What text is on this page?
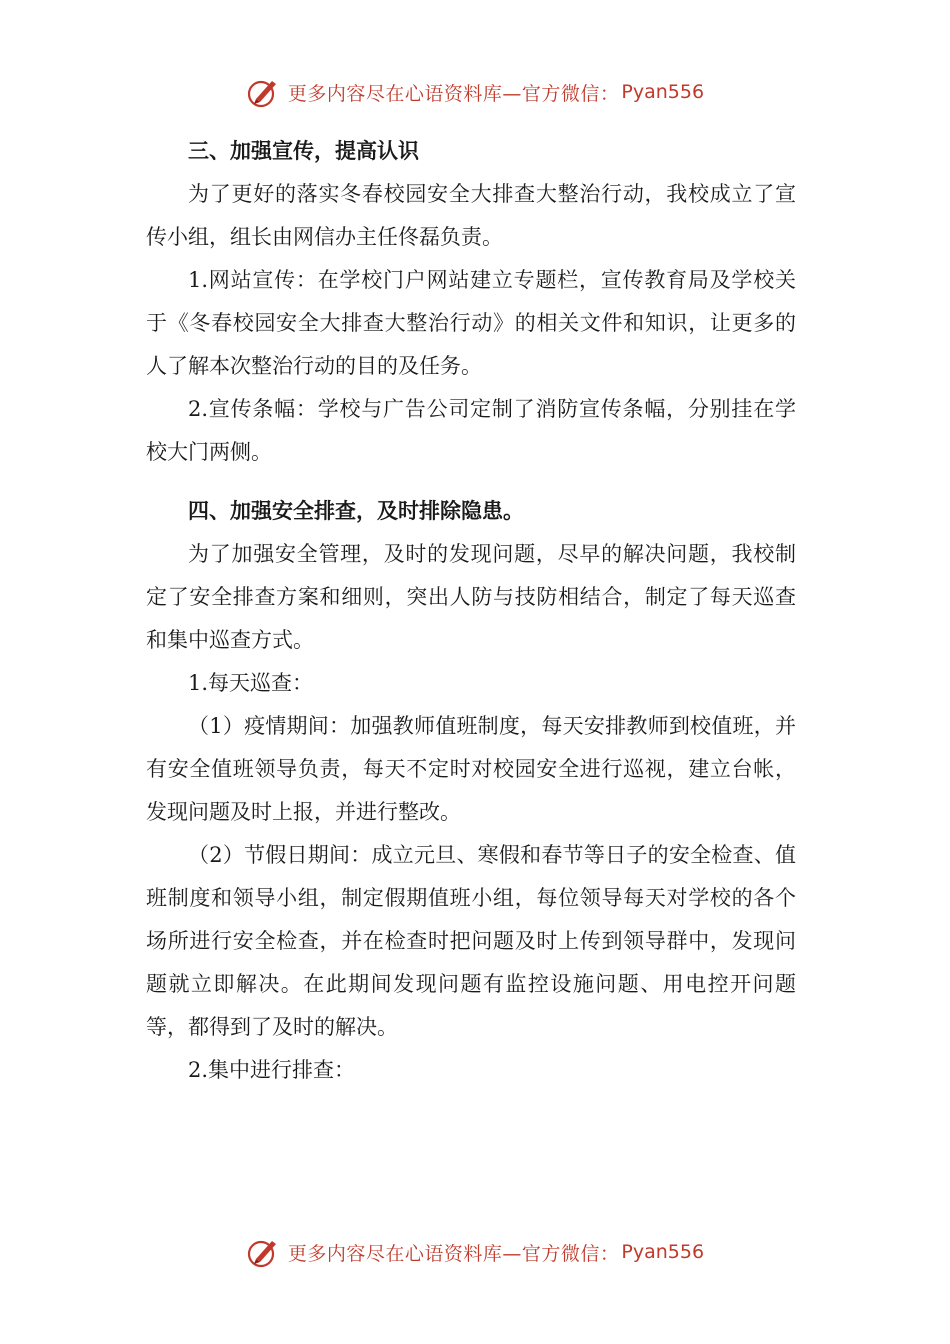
更多内容尽在心语资料库—官方微信： Pyan556

三、加强宣传，提高认识

为了更好的落实冬春校园安全大排查大整治行动，我校成立了宣传小组，组长由网信办主任佟磊负责。

1.网站宣传：在学校门户网站建立专题栏，宣传教育局及学校关于《冬春校园安全大排查大整治行动》的相关文件和知识，让更多的人了解本次整治行动的目的及任务。

2.宣传条幅：学校与广告公司定制了消防宣传条幅，分别挂在学校大门两侧。

四、加强安全排查，及时排除隐患。

为了加强安全管理，及时的发现问题，尽早的解决问题，我校制定了安全排查方案和细则，突出人防与技防相结合，制定了每天巡查和集中巡查方式。

1.每天巡查：

（1）疫情期间：加强教师值班制度，每天安排教师到校值班，并有安全值班领导负责，每天不定时对校园安全进行巡视，建立台帐，发现问题及时上报，并进行整改。

（2）节假日期间：成立元旦、寒假和春节等日子的安全检查、值班制度和领导小组，制定假期值班小组，每位领导每天对学校的各个场所进行安全检查，并在检查时把问题及时上传到领导群中，发现问题就立即解决。在此期间发现问题有监控设施问题、用电控开问题等，都得到了及时的解决。

2.集中进行排查：

更多内容尽在心语资料库—官方微信： Pyan556
